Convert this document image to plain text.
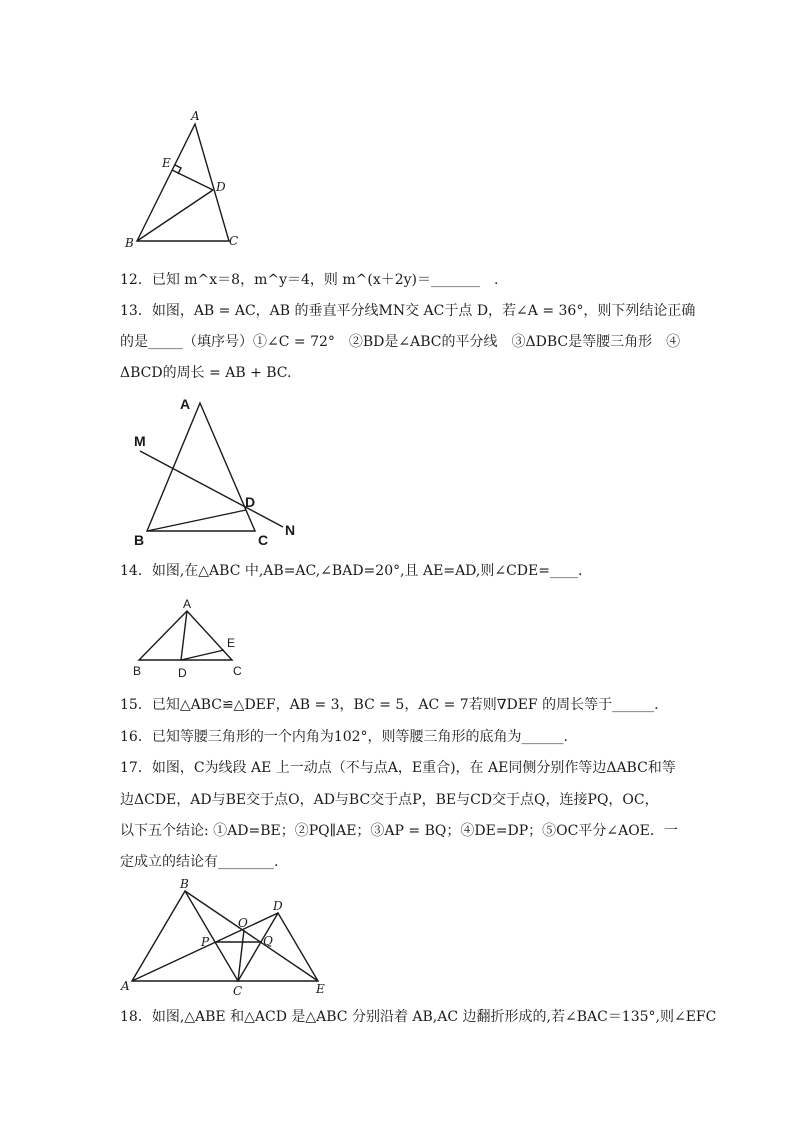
A
E
D
B	C
12．已知 m^x＝8，m^y＝4，则 m^(x＋2y)＝_______　.
13．如图，AB = AC，AB 的垂直平分线MN交 AC于点 D，若∠A = 36°，则下列结论正确
的是_____（填序号）①∠C = 72°　②BD是∠ABC的平分线　③ΔDBC是等腰三角形　④
ΔBCD的周长 = AB + BC.
A
M
D
N
B	C
14．如图,在△ABC 中,AB=AC,∠BAD=20°,且 AE=AD,则∠CDE=____.
A
E
B	D	C
15．已知△ABC≌△DEF，AB = 3，BC = 5，AC = 7若则∇DEF 的周长等于______.
16．已知等腰三角形的一个内角为102°，则等腰三角形的底角为______.
17．如图，C为线段 AE 上一动点（不与点A，E重合)，在 AE同侧分别作等边ΔABC和等
边ΔCDE，AD与BE交于点O，AD与BC交于点P，BE与CD交于点Q，连接PQ，OC，
以下五个结论: ①AD=BE；②PQ∥AE；③AP = BQ；④DE=DP；⑤OC平分∠AOE．一
定成立的结论有________.
B
O
D
P	Q
A	C	E
18．如图,△ABE 和△ACD 是△ABC 分别沿着 AB,AC 边翻折形成的,若∠BAC＝135°,则∠EFC
